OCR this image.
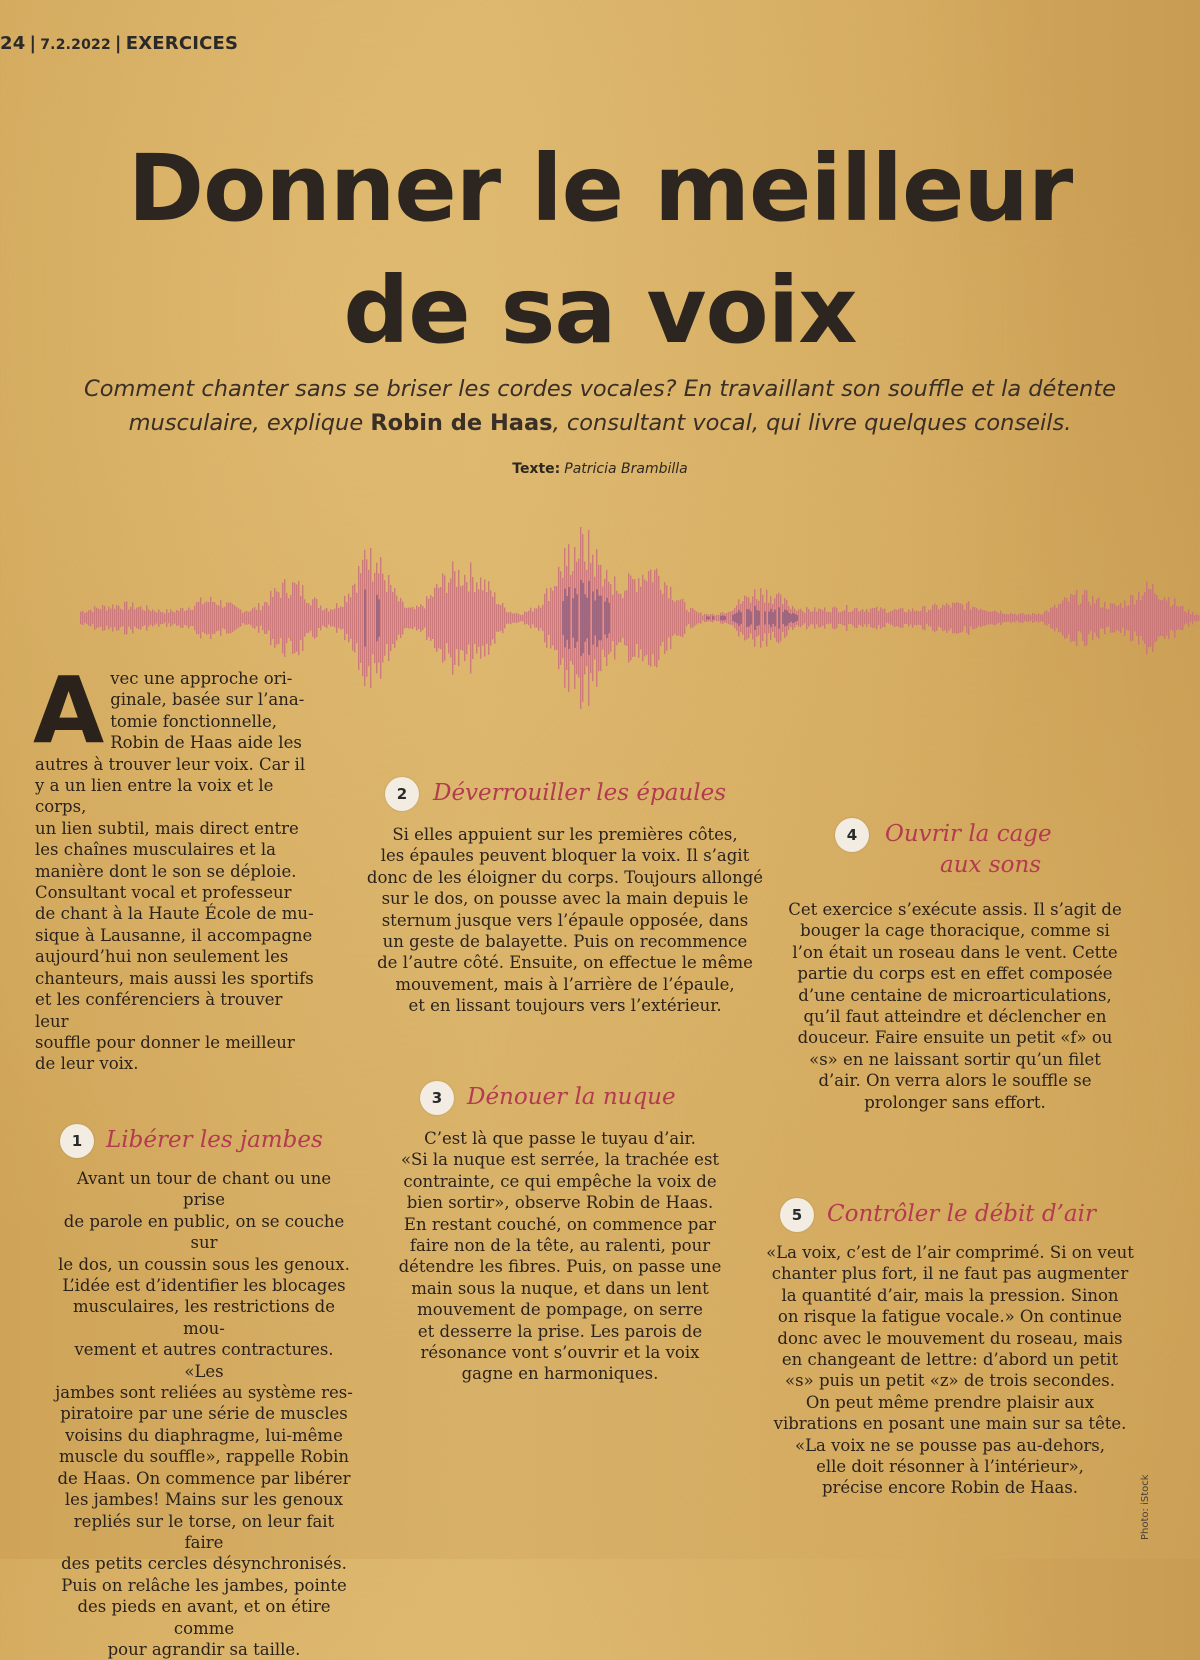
24 | 7.2.2022 | EXERCICES
Donner le meilleur
de sa voix
Comment chanter sans se briser les cordes vocales? En travaillant son souffle et la détente musculaire, explique Robin de Haas, consultant vocal, qui livre quelques conseils.
Texte: Patricia Brambilla
A vec une approche ori-
ginale, basée sur l’ana-
tomie fonctionnelle,
Robin de Haas aide les
autres à trouver leur voix. Car il
y a un lien entre la voix et le corps,
un lien subtil, mais direct entre
les chaînes musculaires et la
manière dont le son se déploie.
Consultant vocal et professeur
de chant à la Haute École de mu-
sique à Lausanne, il accompagne
aujourd’hui non seulement les
chanteurs, mais aussi les sportifs
et les conférenciers à trouver leur
souffle pour donner le meilleur
de leur voix.

1	Libérer les jambes

Avant un tour de chant ou une prise
de parole en public, on se couche sur
le dos, un coussin sous les genoux.
L’idée est d’identifier les blocages
musculaires, les restrictions de mou-
vement et autres contractures. «Les
jambes sont reliées au système res-
piratoire par une série de muscles
voisins du diaphragme, lui-même
muscle du souffle», rappelle Robin
de Haas. On commence par libérer
les jambes! Mains sur les genoux
repliés sur le torse, on leur fait faire
des petits cercles désynchronisés.
Puis on relâche les jambes, pointe
des pieds en avant, et on étire comme
pour agrandir sa taille.

2	Déverrouiller les épaules

Si elles appuient sur les premières côtes,
les épaules peuvent bloquer la voix. Il s’agit
donc de les éloigner du corps. Toujours allongé
sur le dos, on pousse avec la main depuis le
sternum jusque vers l’épaule opposée, dans
un geste de balayette. Puis on recommence
de l’autre côté. Ensuite, on effectue le même
mouvement, mais à l’arrière de l’épaule,
et en lissant toujours vers l’extérieur.

3	Dénouer la nuque

C’est là que passe le tuyau d’air.
«Si la nuque est serrée, la trachée est
contrainte, ce qui empêche la voix de
bien sortir», observe Robin de Haas.
En restant couché, on commence par
faire non de la tête, au ralenti, pour
détendre les fibres. Puis, on passe une
main sous la nuque, et dans un lent
mouvement de pompage, on serre
et desserre la prise. Les parois de
résonance vont s’ouvrir et la voix
gagne en harmoniques.

4	Ouvrir la cage
aux sons

Cet exercice s’exécute assis. Il s’agit de
bouger la cage thoracique, comme si
l’on était un roseau dans le vent. Cette
partie du corps est en effet composée
d’une centaine de microarticulations,
qu’il faut atteindre et déclencher en
douceur. Faire ensuite un petit «f» ou
«s» en ne laissant sortir qu’un filet
d’air. On verra alors le souffle se
prolonger sans effort.

5	Contrôler le débit d’air

«La voix, c’est de l’air comprimé. Si on veut
chanter plus fort, il ne faut pas augmenter
la quantité d’air, mais la pression. Sinon
on risque la fatigue vocale.» On continue
donc avec le mouvement du roseau, mais
en changeant de lettre: d’abord un petit
«s» puis un petit «z» de trois secondes.
On peut même prendre plaisir aux
vibrations en posant une main sur sa tête.
«La voix ne se pousse pas au-dehors,
elle doit résonner à l’intérieur»,
précise encore Robin de Haas.	Photo: iStock
